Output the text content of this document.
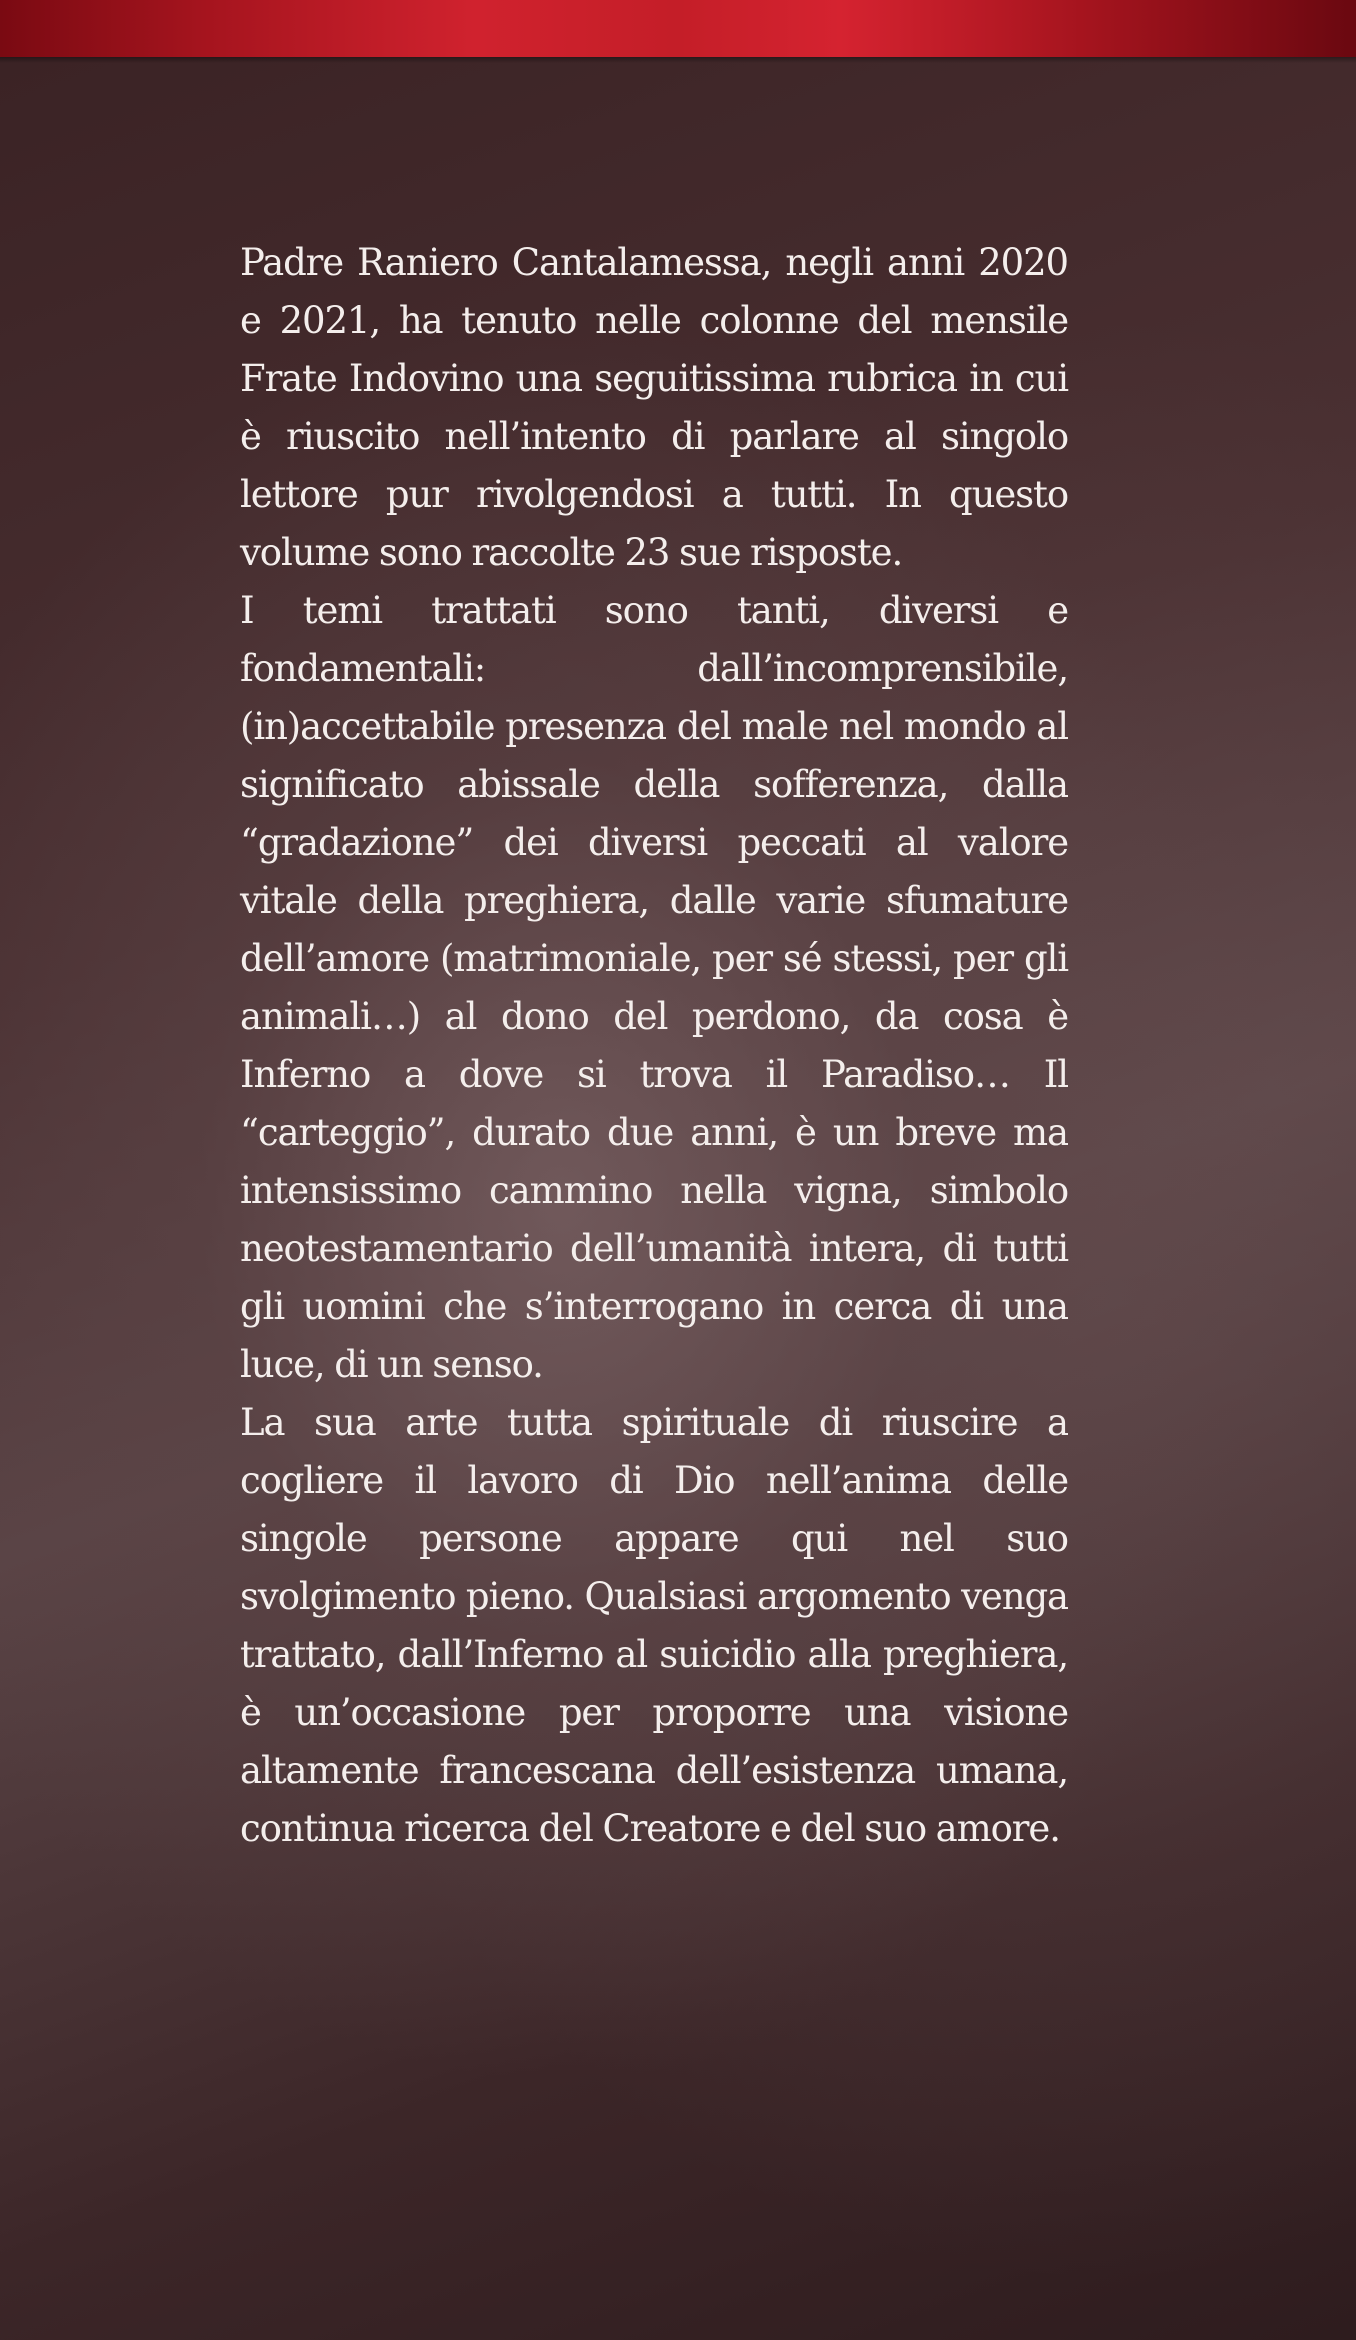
Padre Raniero Cantalamessa, negli anni 2020 e 2021, ha tenuto nelle colonne del mensile Frate Indovino una seguitissima rubrica in cui è riuscito nell’intento di parlare al singolo lettore pur rivolgendosi a tutti. In questo volume sono raccolte 23 sue risposte.

I temi trattati sono tanti, diversi e fondamentali: dall’incomprensibile, (in)accettabile presenza del male nel mondo al significato abissale della sofferenza, dalla “gradazione” dei diversi peccati al valore vitale della preghiera, dalle varie sfumature dell’amore (matrimoniale, per sé stessi, per gli animali…) al dono del perdono, da cosa è Inferno a dove si trova il Paradiso… Il “carteggio”, durato due anni, è un breve ma intensissimo cammino nella vigna, simbolo neotestamentario dell’umanità intera, di tutti gli uomini che s’interrogano in cerca di una luce, di un senso.

La sua arte tutta spirituale di riuscire a cogliere il lavoro di Dio nell’anima delle singole persone appare qui nel suo svolgimento pieno. Qualsiasi argomento venga trattato, dall’Inferno al suicidio alla preghiera, è un’occasione per proporre una visione altamente francescana dell’esistenza umana, continua ricerca del Creatore e del suo amore.
